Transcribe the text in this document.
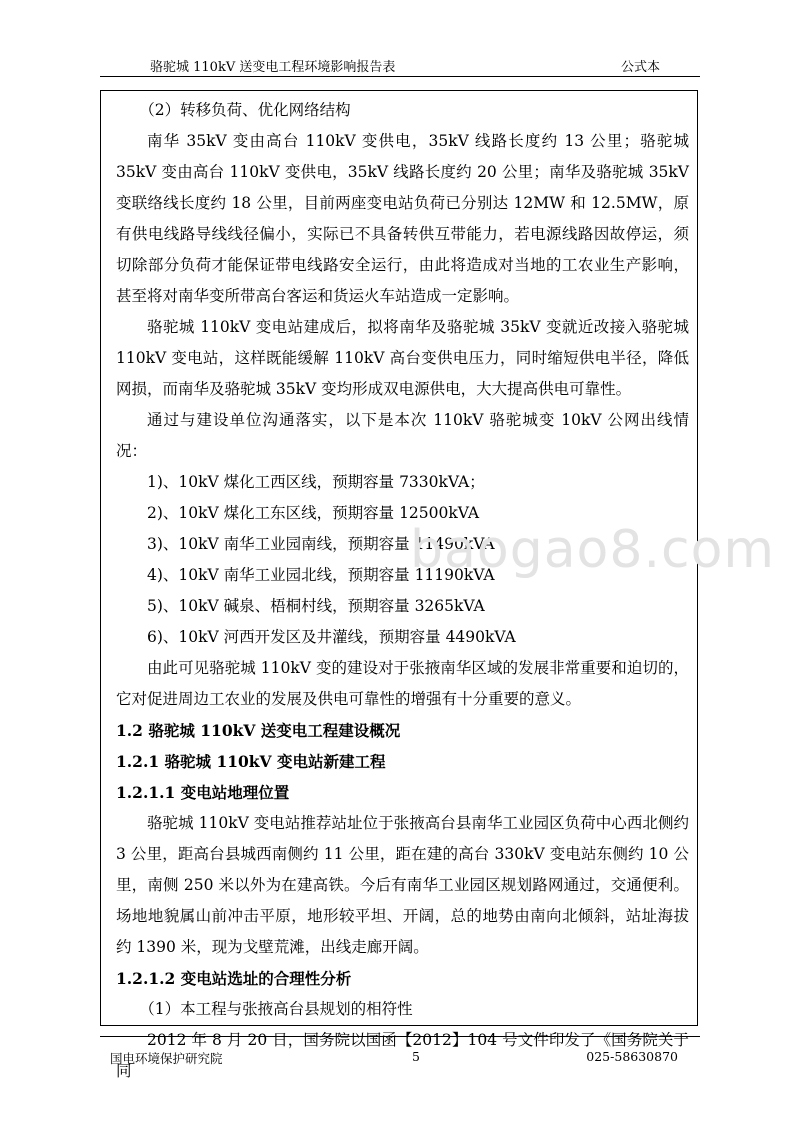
骆驼城 110kV 送变电工程环境影响报告表	公式本

（2）转移负荷、优化网络结构

南华 35kV 变由高台 110kV 变供电，35kV 线路长度约 13 公里；骆驼城 35kV 变由高台 110kV 变供电，35kV 线路长度约 20 公里；南华及骆驼城 35kV 变联络线长度约 18 公里，目前两座变电站负荷已分别达 12MW 和 12.5MW，原有供电线路导线线径偏小，实际已不具备转供互带能力，若电源线路因故停运，须切除部分负荷才能保证带电线路安全运行，由此将造成对当地的工农业生产影响，甚至将对南华变所带高台客运和货运火车站造成一定影响。

骆驼城 110kV 变电站建成后，拟将南华及骆驼城 35kV 变就近改接入骆驼城 110kV 变电站，这样既能缓解 110kV 高台变供电压力，同时缩短供电半径，降低网损，而南华及骆驼城 35kV 变均形成双电源供电，大大提高供电可靠性。

通过与建设单位沟通落实，以下是本次 110kV 骆驼城变 10kV 公网出线情况：

1)、10kV 煤化工西区线，预期容量 7330kVA；

2)、10kV 煤化工东区线，预期容量 12500kVA

3)、10kV 南华工业园南线，预期容量 11490kVA

4)、10kV 南华工业园北线，预期容量 11190kVA

5)、10kV 碱泉、梧桐村线，预期容量 3265kVA

6)、10kV 河西开发区及井灌线，预期容量 4490kVA

由此可见骆驼城 110kV 变的建设对于张掖南华区域的发展非常重要和迫切的，它对促进周边工农业的发展及供电可靠性的增强有十分重要的意义。

1.2 骆驼城 110kV 送变电工程建设概况

1.2.1 骆驼城 110kV 变电站新建工程

1.2.1.1 变电站地理位置

骆驼城 110kV 变电站推荐站址位于张掖高台县南华工业园区负荷中心西北侧约 3 公里，距高台县城西南侧约 11 公里，距在建的高台 330kV 变电站东侧约 10 公里，南侧 250 米以外为在建高铁。今后有南华工业园区规划路网通过，交通便利。场地地貌属山前冲击平原，地形较平坦、开阔，总的地势由南向北倾斜，站址海拔约 1390 米，现为戈壁荒滩，出线走廊开阔。

1.2.1.2 变电站选址的合理性分析

（1）本工程与张掖高台县规划的相符性

2012 年 8 月 20 日，国务院以国函【2012】104 号文件印发了《国务院关于同

baogao8.com
国电环境保护研究院	5	025-58630870
